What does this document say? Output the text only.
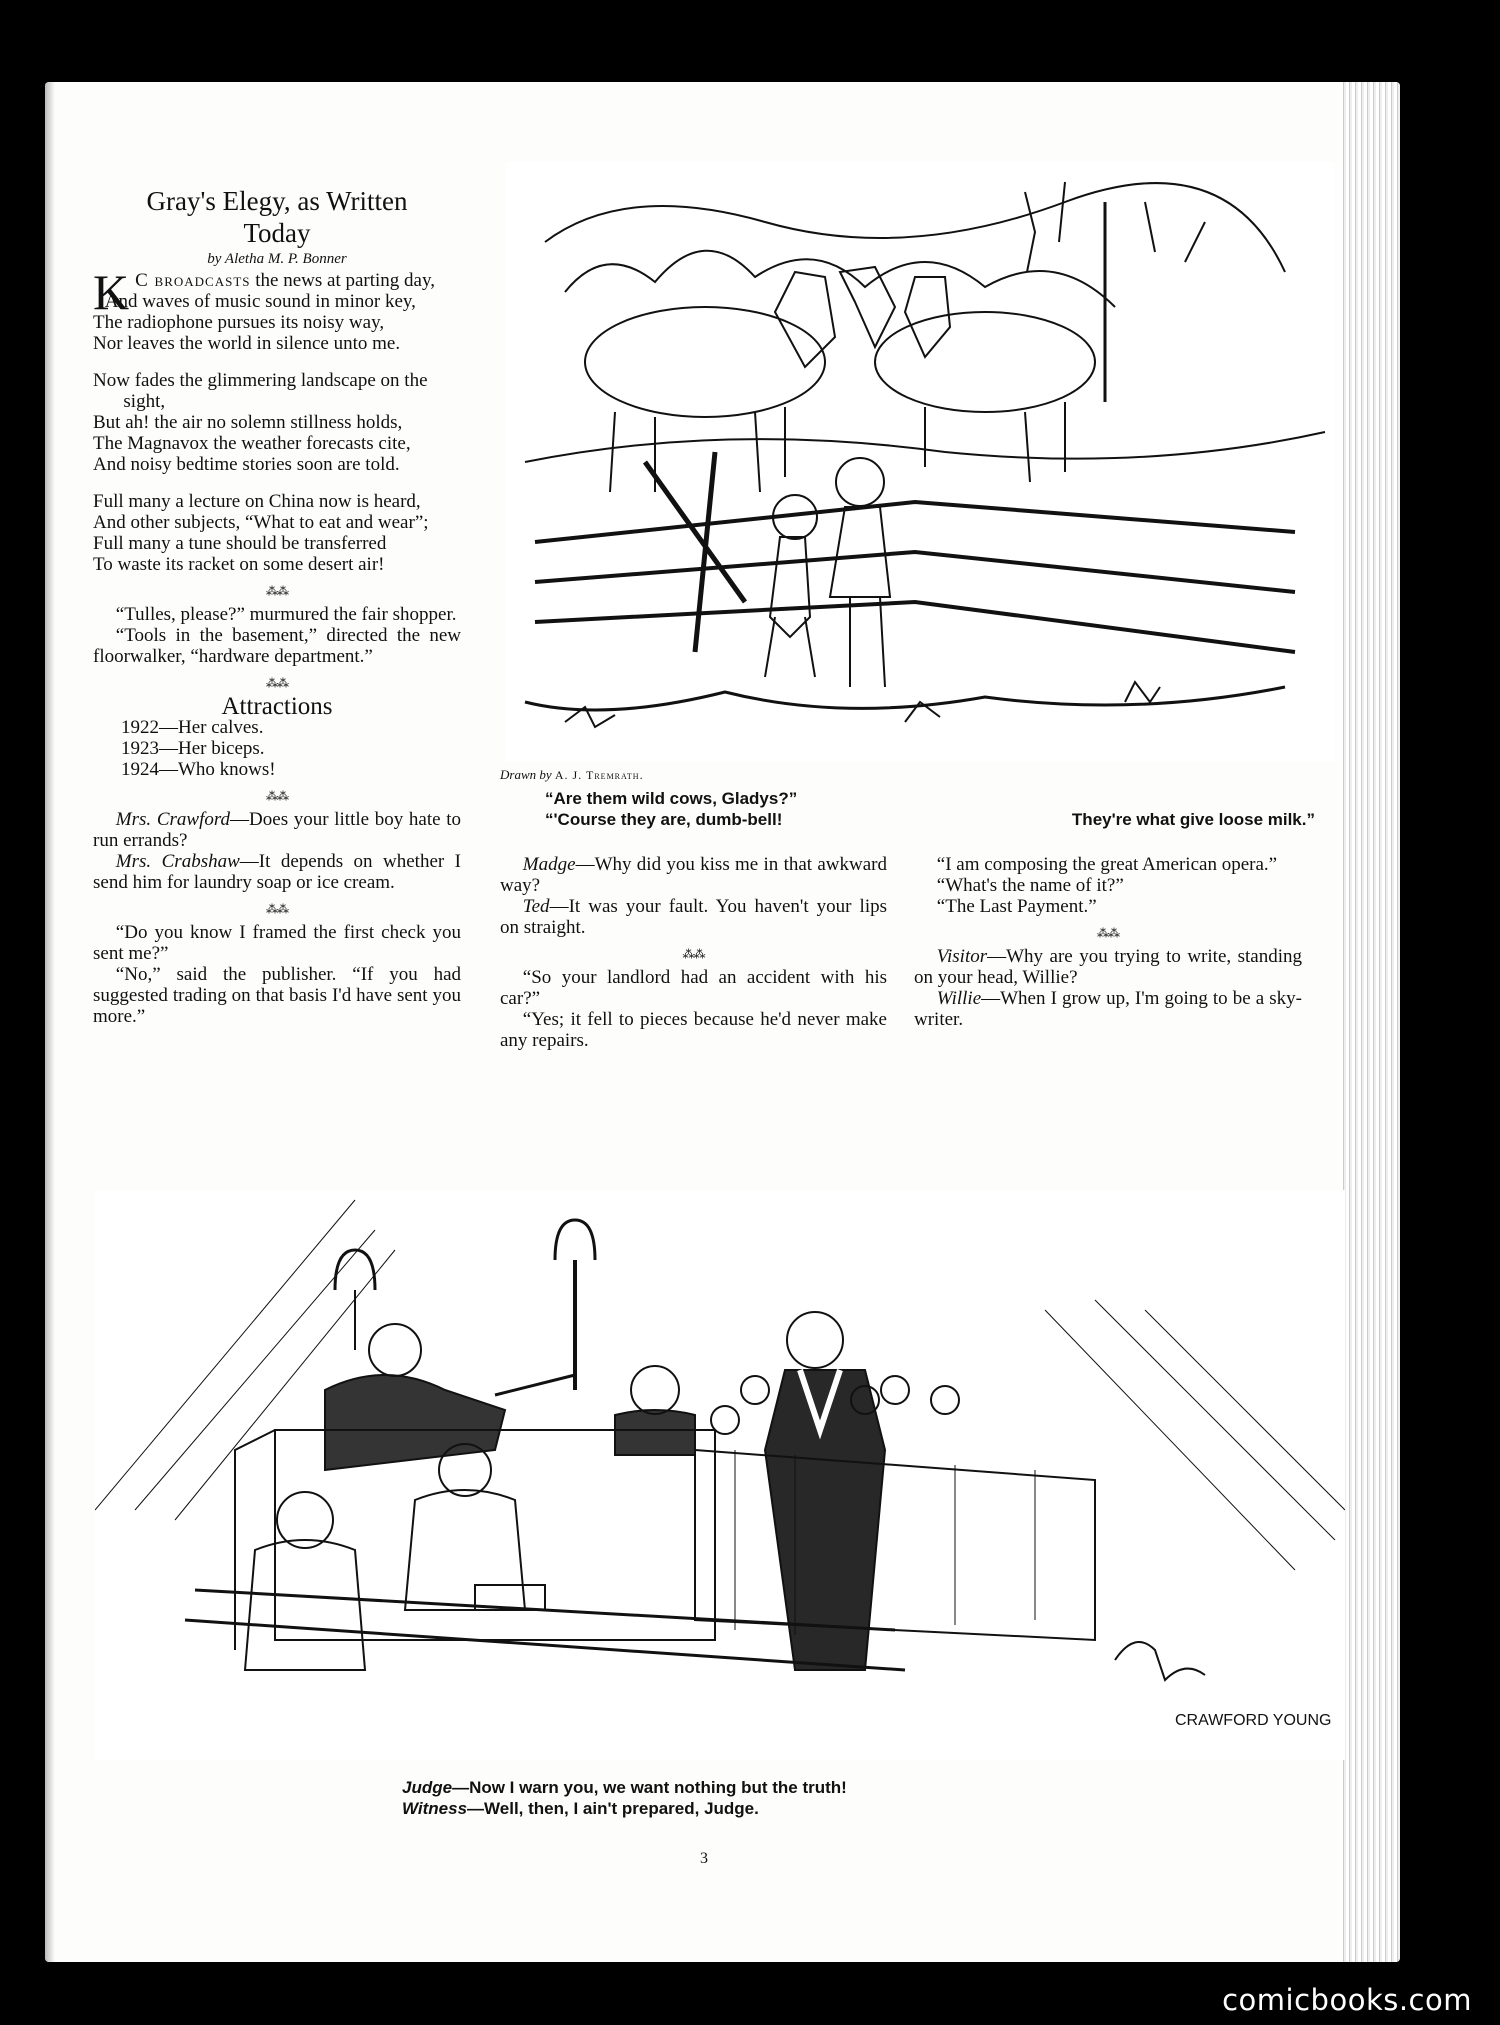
Gray's Elegy, as Written Today

by Aletha M. P. Bonner

K C broadcasts the news at parting day,
And waves of music sound in minor key,
The radiophone pursues its noisy way,
Nor leaves the world in silence unto me.
Now fades the glimmering landscape on the sight,
But ah! the air no solemn stillness holds,
The Magnavox the weather forecasts cite,
And noisy bedtime stories soon are told.
Full many a lecture on China now is heard,
And other subjects, “What to eat and wear”;
Full many a tune should be transferred
To waste its racket on some desert air!
⁂⁂

“Tulles, please?” murmured the fair shopper.

“Tools in the basement,” directed the new floorwalker, “hardware department.”

⁂⁂

Attractions

1922—Her calves.

1923—Her biceps.

1924—Who knows!

⁂⁂

Mrs. Crawford—Does your little boy hate to run errands?

Mrs. Crabshaw—It depends on whether I send him for laundry soap or ice cream.

⁂⁂

“Do you know I framed the first check you sent me?”

“No,” said the publisher. “If you had suggested trading on that basis I'd have sent you more.”

Drawn by A. J. Tremrath.
“Are them wild cows, Gladys?”
“'Course they are, dumb-bell!	They're what give loose milk.”

Madge—Why did you kiss me in that awkward way?

Ted—It was your fault. You haven't your lips on straight.

⁂⁂

“So your landlord had an accident with his car?”

“Yes; it fell to pieces because he'd never make any repairs.

“I am composing the great American opera.”

“What's the name of it?”

“The Last Payment.”

⁂⁂

Visitor—Why are you trying to write, standing on your head, Willie?

Willie—When I grow up, I'm going to be a sky-writer.

CRAWFORD YOUNG
Judge—Now I warn you, we want nothing but the truth!
Witness—Well, then, I ain't prepared, Judge.
3
comicbooks.com
